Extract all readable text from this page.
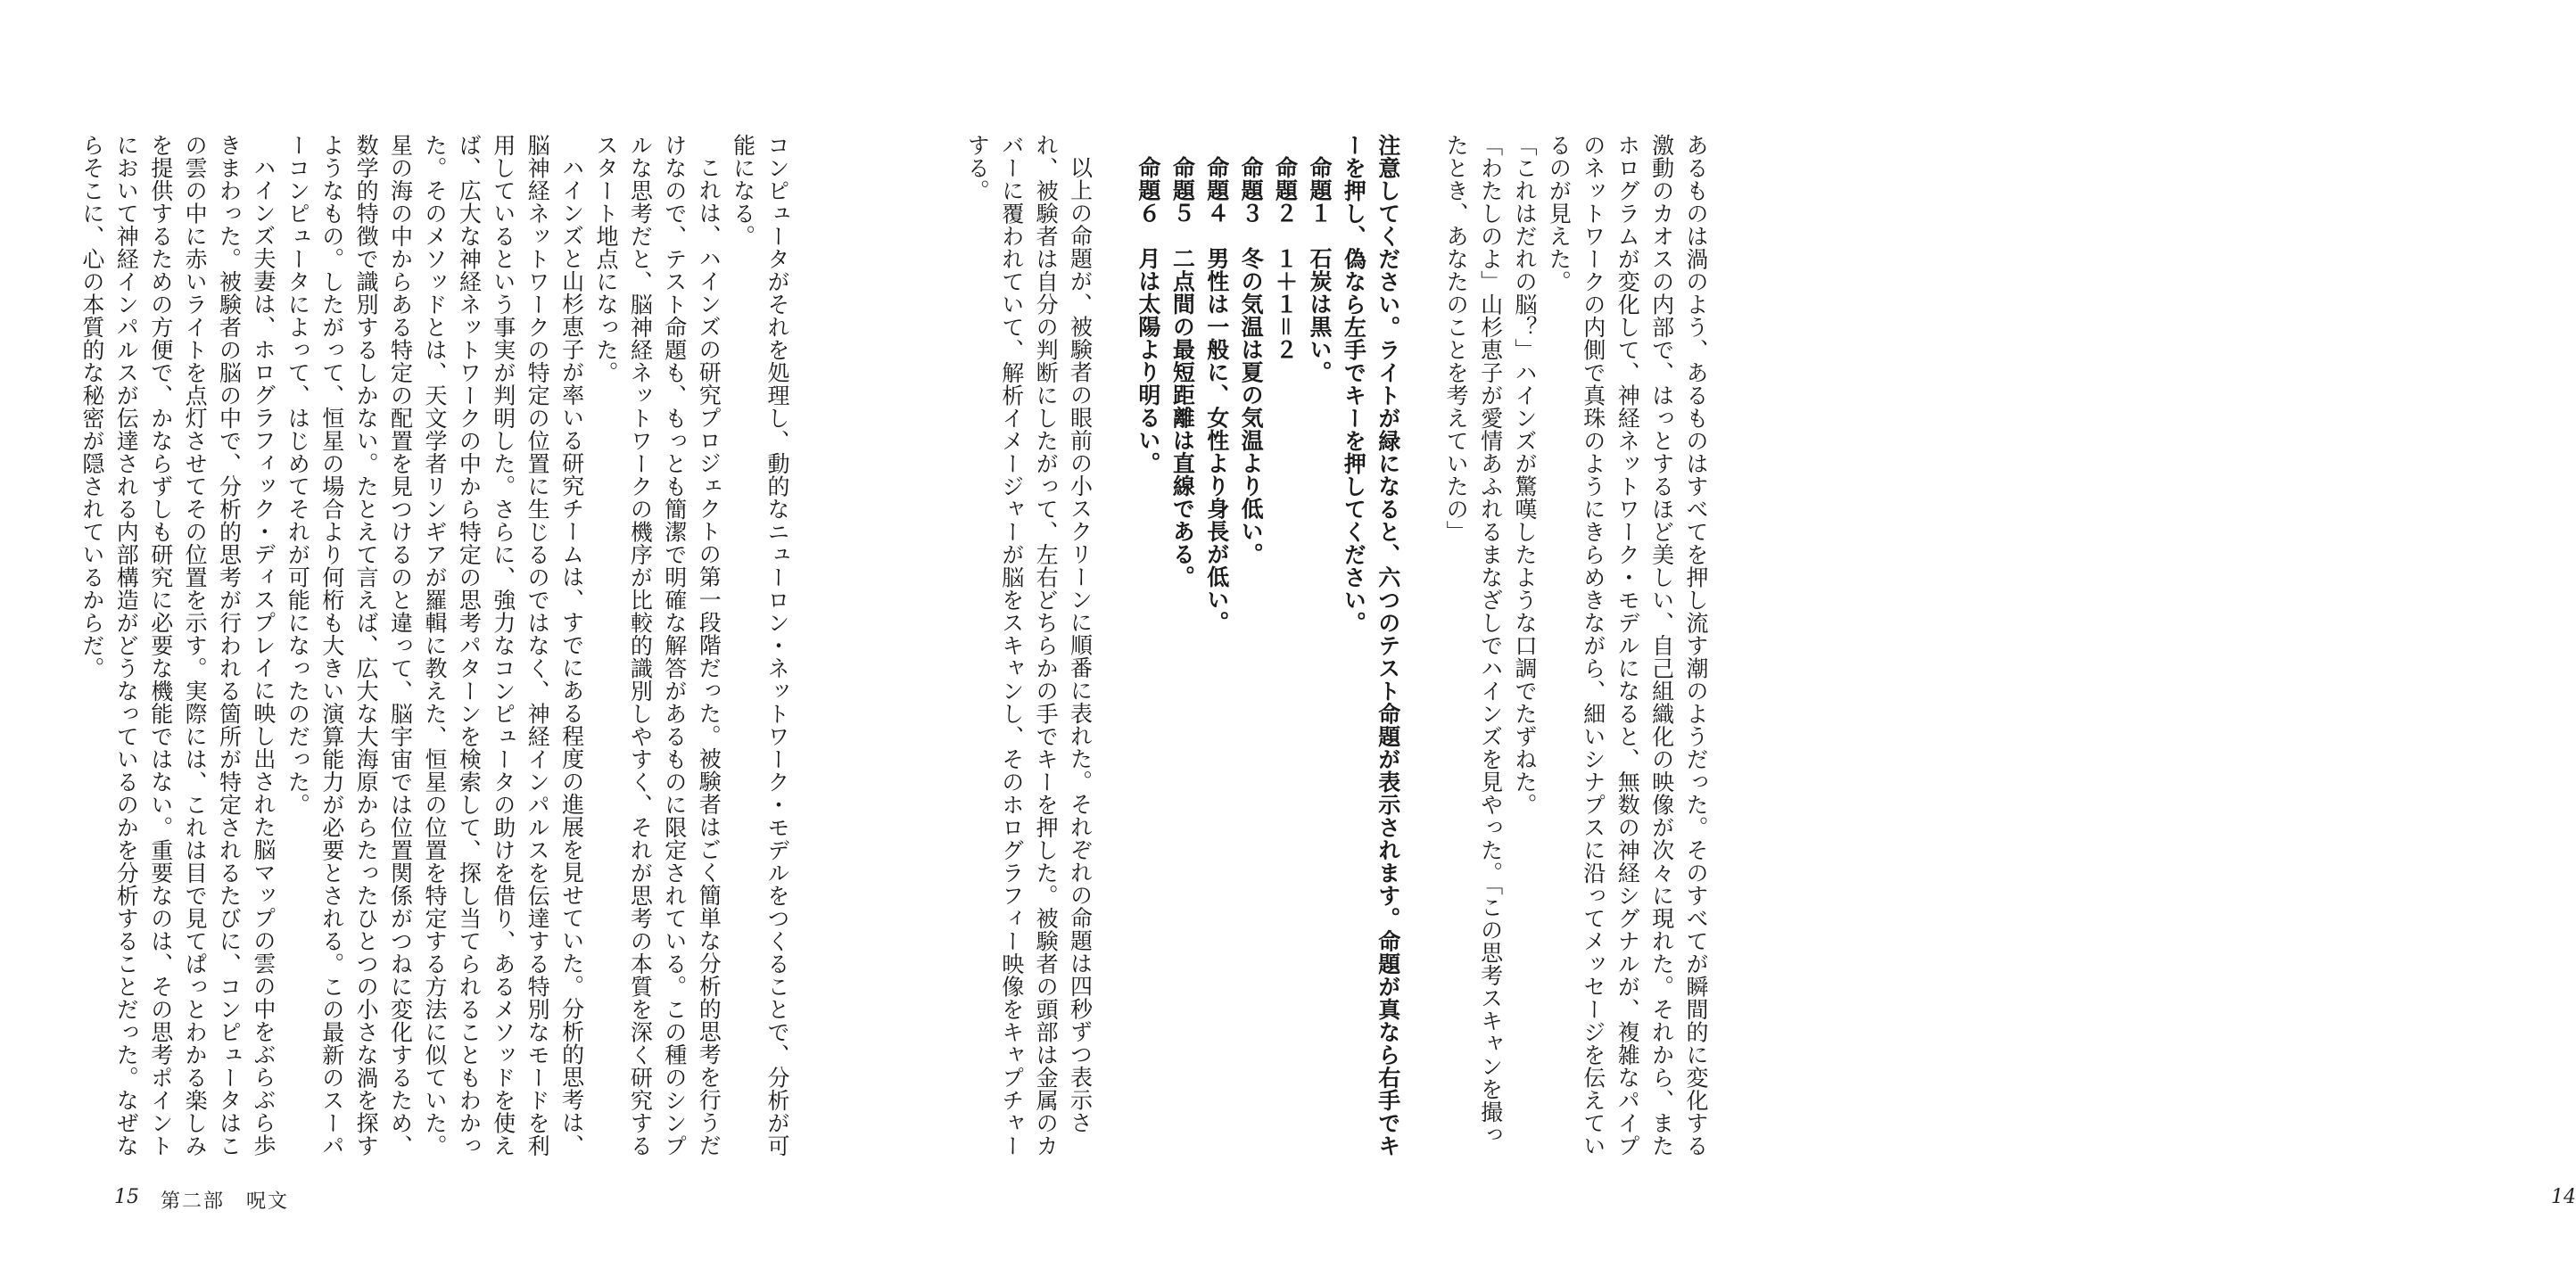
あるものは渦のよう、あるものはすべてを押し流す潮のようだった。そのすべてが瞬間的に変化する激動のカオスの内部で、はっとするほど美しい、自己組織化の映像が次々に現れた。それから、またホログラムが変化して、神経ネットワーク・モデルになると、無数の神経シグナルが、複雑なパイプのネットワークの内側で真珠のようにきらめきながら、細いシナプスに沿ってメッセージを伝えているのが見えた。

「これはだれの脳？」ハインズが驚嘆したような口調でたずねた。

「わたしのよ」山杉恵子が愛情あふれるまなざしでハインズを見やった。「この思考スキャンを撮ったとき、あなたのことを考えていたの」

注意してください。ライトが緑になると、六つのテスト命題が表示されます。命題が真なら右手でキーを押し、偽なら左手でキーを押してください。

命題１　石炭は黒い。

命題２　１＋１＝２

命題３　冬の気温は夏の気温より低い。

命題４　男性は一般に、女性より身長が低い。

命題５　二点間の最短距離は直線である。

命題６　月は太陽より明るい。

以上の命題が、被験者の眼前の小スクリーンに順番に表れた。それぞれの命題は四秒ずつ表示され、被験者は自分の判断にしたがって、左右どちらかの手でキーを押した。被験者の頭部は金属のカバーに覆われていて、解析イメージャーが脳をスキャンし、そのホログラフィー映像をキャプチャーする。

14

コンピュータがそれを処理し、動的なニューロン・ネットワーク・モデルをつくることで、分析が可能になる。

これは、ハインズの研究プロジェクトの第一段階だった。被験者はごく簡単な分析的思考を行うだけなので、テスト命題も、もっとも簡潔で明確な解答があるものに限定されている。この種のシンプルな思考だと、脳神経ネットワークの機序が比較的識別しやすく、それが思考の本質を深く研究するスタート地点になった。

ハインズと山杉恵子が率いる研究チームは、すでにある程度の進展を見せていた。分析的思考は、脳神経ネットワークの特定の位置に生じるのではなく、神経インパルスを伝達する特別なモードを利用しているという事実が判明した。さらに、強力なコンピュータの助けを借り、あるメソッドを使えば、広大な神経ネットワークの中から特定の思考パターンを検索して、探し当てられることもわかった。そのメソッドとは、天文学者リンギアが羅輯に教えた、恒星の位置を特定する方法に似ていた。星の海の中からある特定の配置を見つけるのと違って、脳宇宙では位置関係がつねに変化するため、数学的特徴で識別するしかない。たとえて言えば、広大な大海原からたったひとつの小さな渦を探すようなもの。したがって、恒星の場合より何桁も大きい演算能力が必要とされる。この最新のスーパーコンピュータによって、はじめてそれが可能になったのだった。

ハインズ夫妻は、ホログラフィック・ディスプレイに映し出された脳マップの雲の中をぶらぶら歩きまわった。被験者の脳の中で、分析的思考が行われる箇所が特定されるたびに、コンピュータはこの雲の中に赤いライトを点灯させてその位置を示す。実際には、これは目で見てぱっとわかる楽しみを提供するための方便で、かならずしも研究に必要な機能ではない。重要なのは、その思考ポイントにおいて神経インパルスが伝達される内部構造がどうなっているのかを分析することだった。なぜならそこに、心の本質的な秘密が隠されているからだ。

15 第二部　呪文
